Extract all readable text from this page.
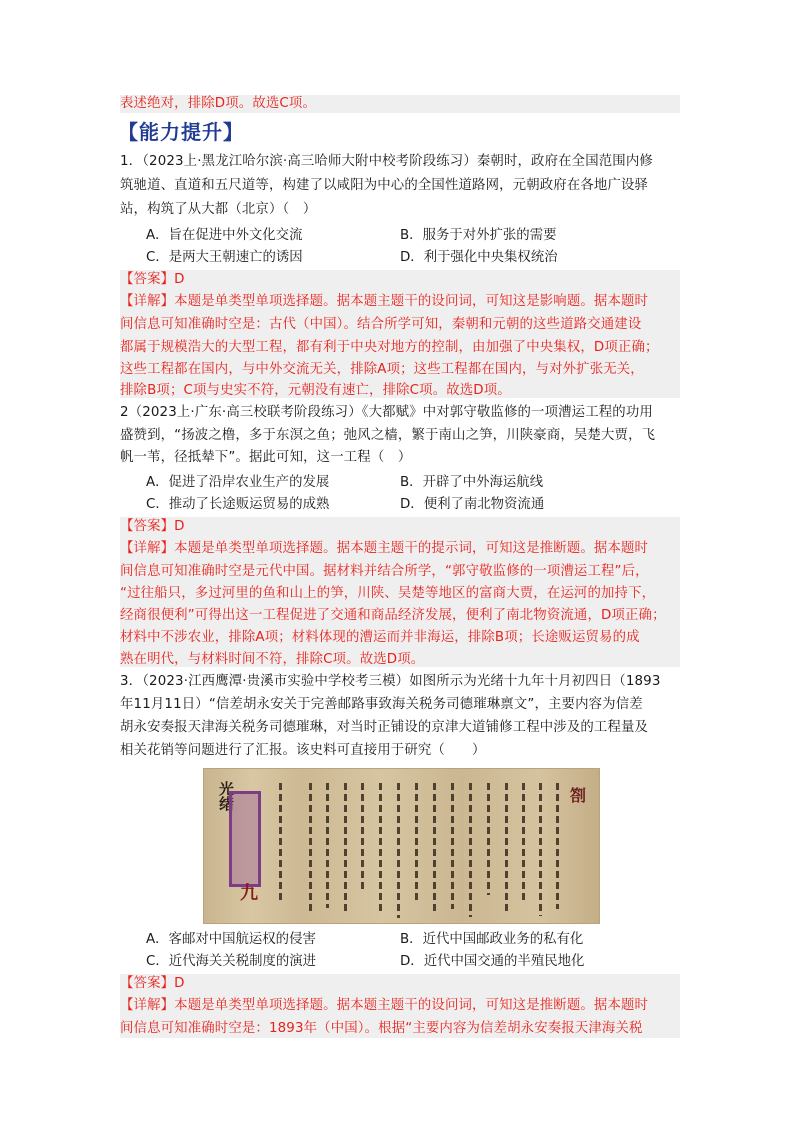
表述绝对，排除D项。故选C项。
【能力提升】
1．（2023上·黑龙江哈尔滨·高三哈师大附中校考阶段练习）秦朝时，政府在全国范围内修
筑驰道、直道和五尺道等，构建了以咸阳为中心的全国性道路网，元朝政府在各地广设驿
站，构筑了从大都（北京）（　）
A．旨在促进中外文化交流	B．服务于对外扩张的需要
C．是两大王朝速亡的诱因	D．利于强化中央集权统治
【答案】D
【详解】本题是单类型单项选择题。据本题主题干的设问词，可知这是影响题。据本题时
间信息可知准确时空是：古代（中国）。结合所学可知，秦朝和元朝的这些道路交通建设
都属于规模浩大的大型工程，都有利于中央对地方的控制，由加强了中央集权，D项正确；
这些工程都在国内，与中外交流无关，排除A项；这些工程都在国内，与对外扩张无关，
排除B项；C项与史实不符，元朝没有速亡，排除C项。故选D项。
2（2023上·广东·高三校联考阶段练习）《大都赋》中对郭守敬监修的一项漕运工程的功用
盛赞到，“扬波之橹，多于东溟之鱼；弛风之樯，繁于南山之笋，川陕豪商，吴楚大贾，飞
帆一苇，径抵辇下”。据此可知，这一工程（　）
A．促进了沿岸农业生产的发展	B．开辟了中外海运航线
C．推动了长途贩运贸易的成熟	D．便利了南北物资流通
【答案】D
【详解】本题是单类型单项选择题。据本题主题干的提示词，可知这是推断题。据本题时
间信息可知准确时空是元代中国。据材料并结合所学，“郭守敬监修的一项漕运工程”后，
“过往船只，多过河里的鱼和山上的笋，川陕、吴楚等地区的富商大贾，在运河的加持下，
经商很便利”可得出这一工程促进了交通和商品经济发展，便利了南北物资流通，D项正确；
材料中不涉农业，排除A项；材料体现的漕运而并非海运，排除B项；长途贩运贸易的成
熟在明代，与材料时间不符，排除C项。故选D项。
3．（2023·江西鹰潭·贵溪市实验中学校考三模）如图所示为光绪十九年十月初四日（1893
年11月11日）“信差胡永安关于完善邮路事致海关税务司德璀琳禀文”，主要内容为信差
胡永安奏报天津海关税务司德璀琳，对当时正铺设的京津大道铺修工程中涉及的工程量及
相关花销等问题进行了汇报。该史料可直接用于研究（　　）
光绪
九
劄
A．客邮对中国航运权的侵害	B．近代中国邮政业务的私有化
C．近代海关关税制度的演进	D．近代中国交通的半殖民地化
【答案】D
【详解】本题是单类型单项选择题。据本题主题干的设问词，可知这是推断题。据本题时
间信息可知准确时空是：1893年（中国）。根据“主要内容为信差胡永安奏报天津海关税
